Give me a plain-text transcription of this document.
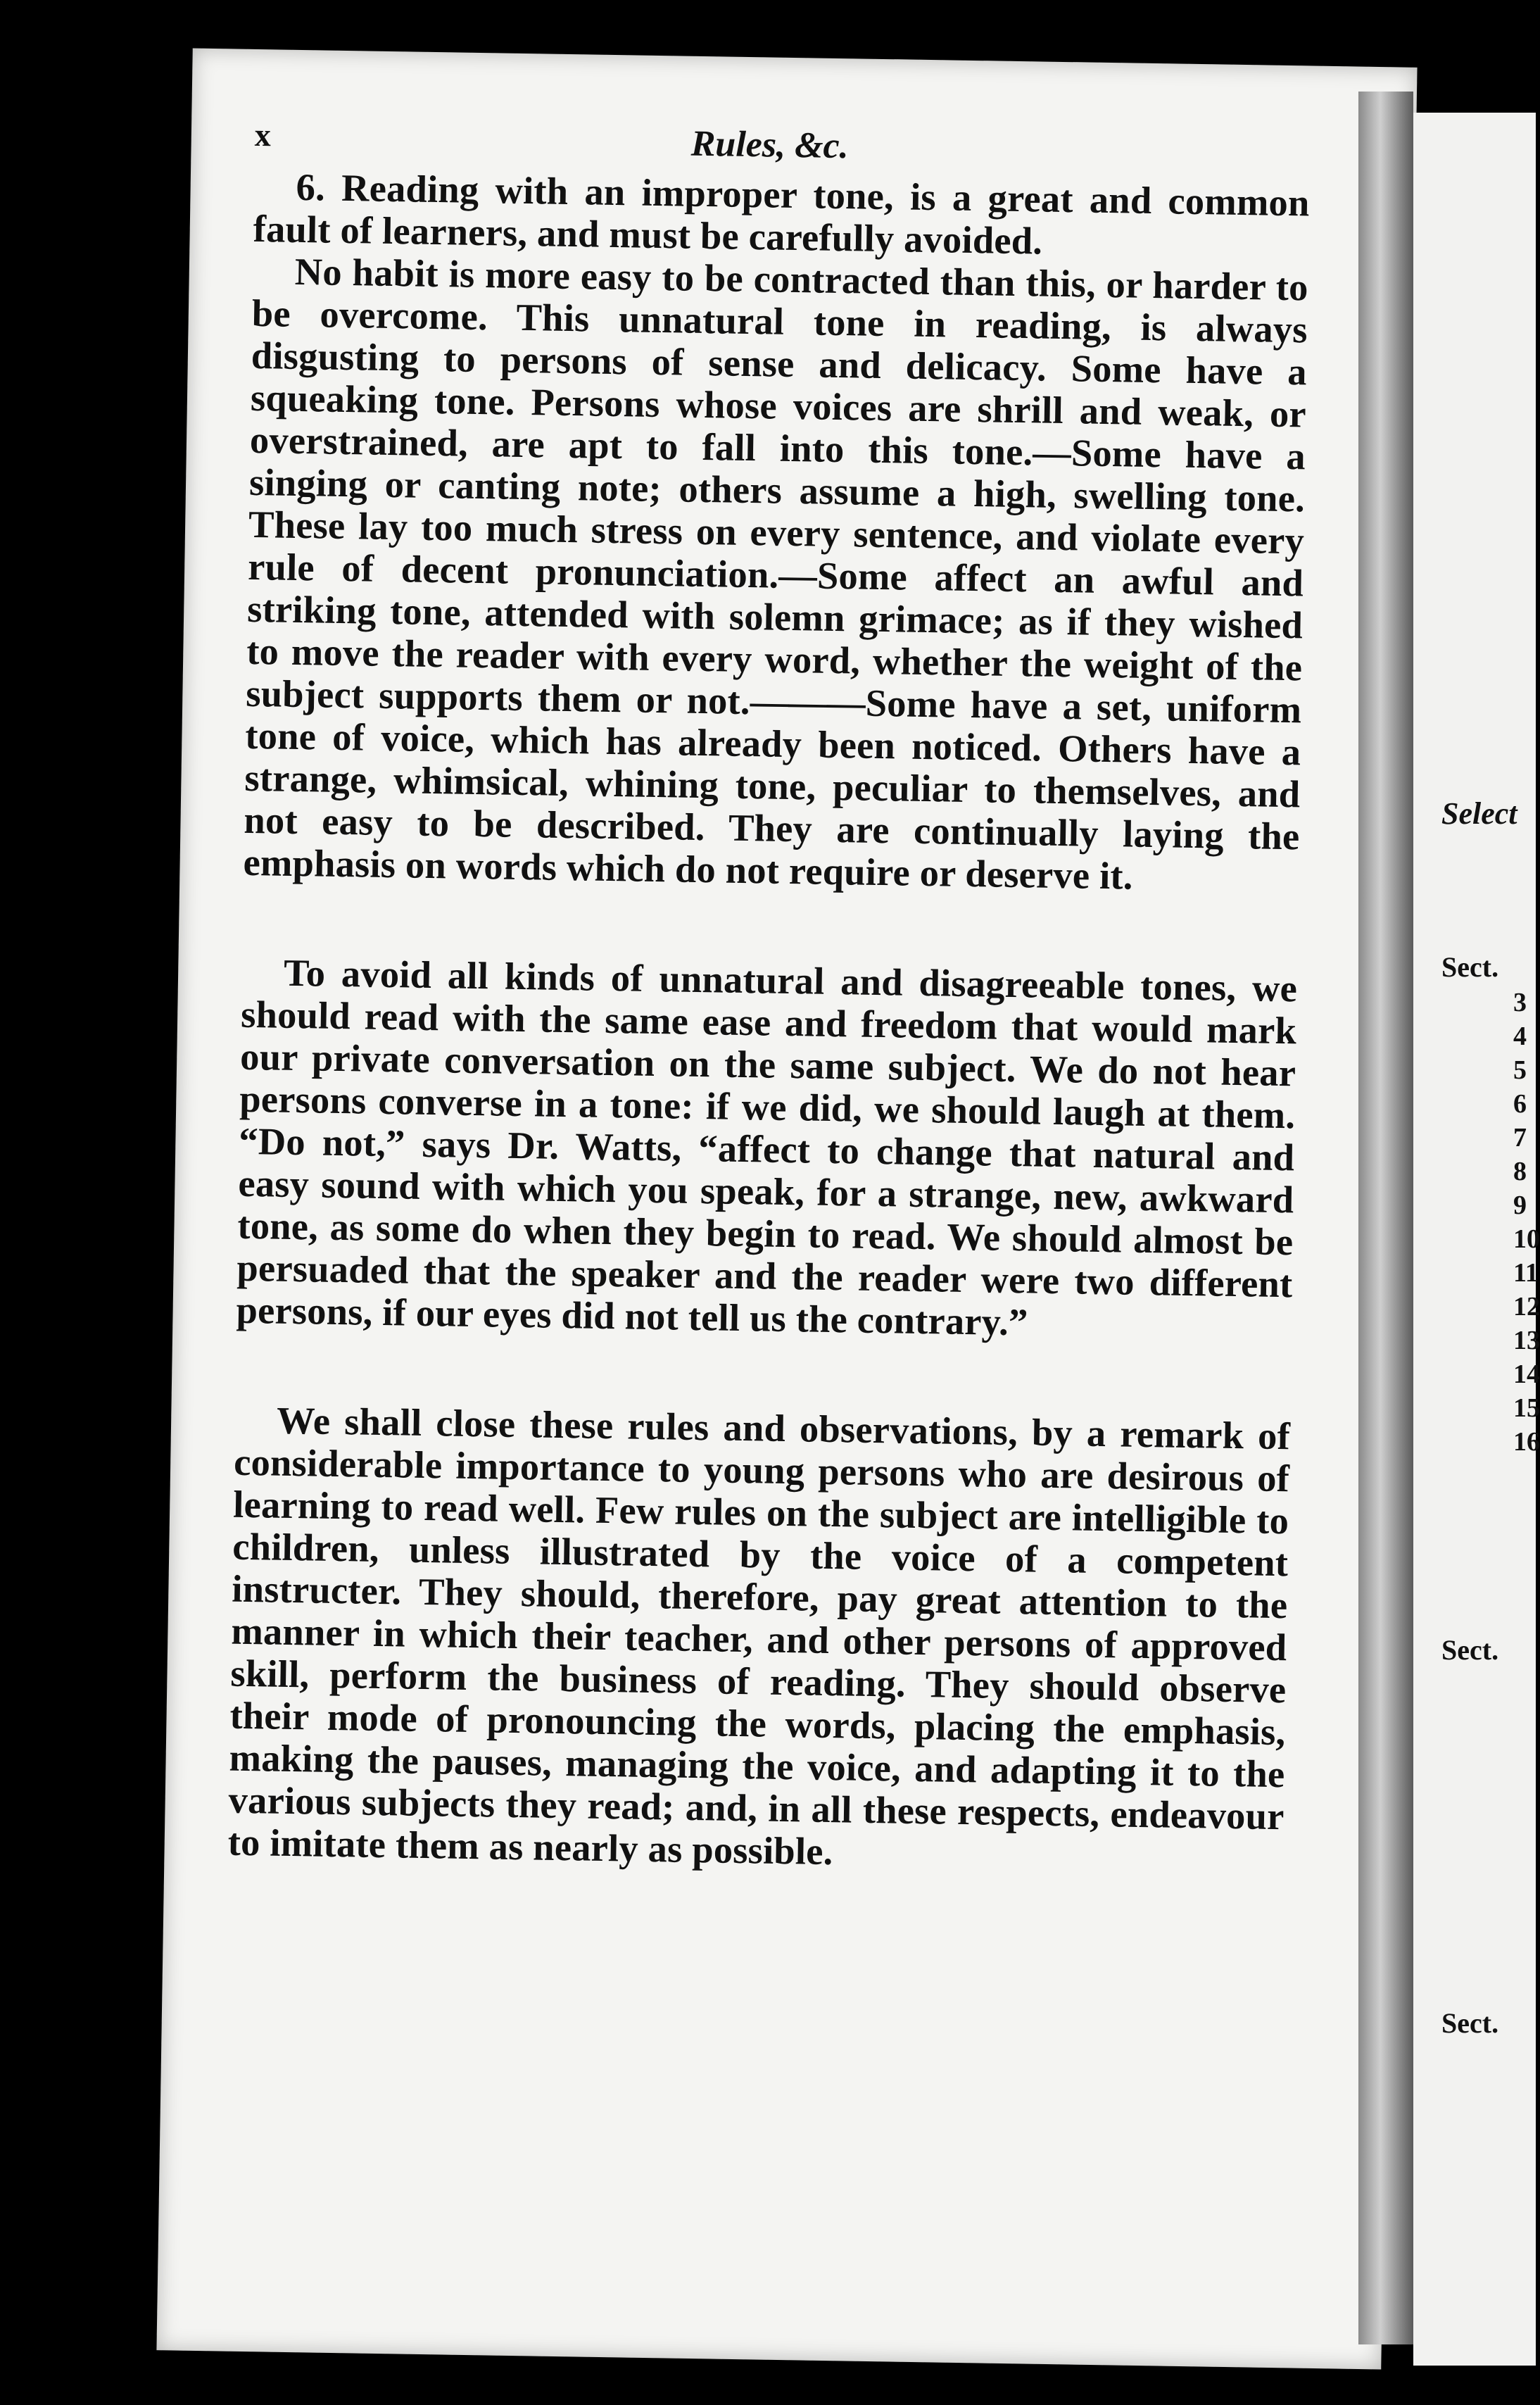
x	Rules, &c.

6. Reading with an improper tone, is a great and common fault of learners, and must be carefully avoided.

No habit is more easy to be contracted than this, or harder to be overcome. This unnatural tone in reading, is always disgusting to persons of sense and delicacy. Some have a squeaking tone. Persons whose voices are shrill and weak, or overstrained, are apt to fall into this tone.—Some have a singing or canting note; others assume a high, swelling tone. These lay too much stress on every sentence, and violate every rule of decent pronunciation.—Some affect an awful and striking tone, attended with solemn grimace; as if they wished to move the reader with every word, whether the weight of the subject supports them or not.———Some have a set, uniform tone of voice, which has already been noticed. Others have a strange, whimsical, whining tone, peculiar to themselves, and not easy to be described. They are continually laying the emphasis on words which do not require or deserve it.

To avoid all kinds of unnatural and disagreeable tones, we should read with the same ease and freedom that would mark our private conversation on the same subject. We do not hear persons converse in a tone: if we did, we should laugh at them. “Do not,” says Dr. Watts, “affect to change that natural and easy sound with which you speak, for a strange, new, awkward tone, as some do when they begin to read. We should almost be persuaded that the speaker and the reader were two different persons, if our eyes did not tell us the contrary.”

We shall close these rules and observations, by a remark of considerable importance to young persons who are desirous of learning to read well. Few rules on the subject are intelligible to children, unless illustrated by the voice of a competent instructer. They should, therefore, pay great attention to the manner in which their teacher, and other persons of approved skill, perform the business of reading. They should observe their mode of pronouncing the words, placing the emphasis, making the pauses, managing the voice, and adapting it to the various subjects they read; and, in all these respects, endeavour to imitate them as nearly as possible.

Select
Sect.
3
4
5
6
7
8
9
10
11
12
13
14
15
16
Sect.
Sect.
